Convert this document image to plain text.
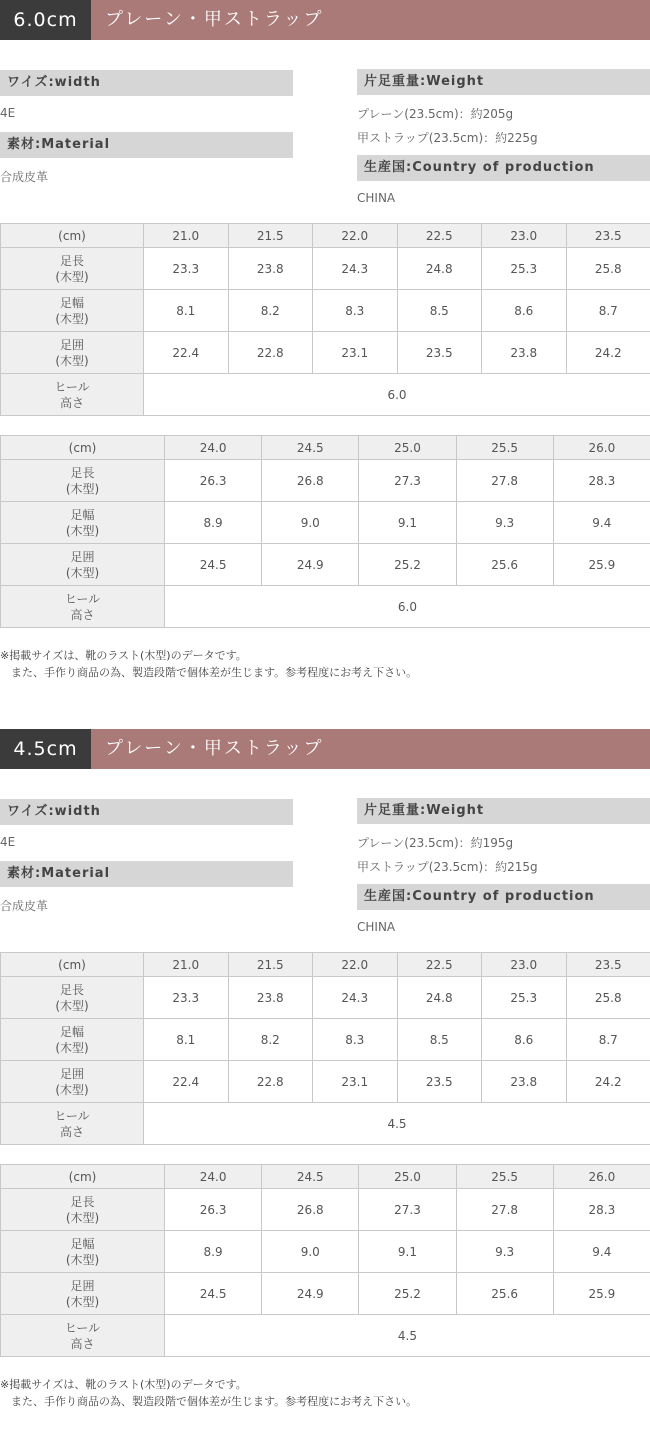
6.0cm	プレーン・甲ストラップ
ワイズ:width
4E
素材:Material
合成皮革
片足重量:Weight
プレーン(23.5cm)：約205g
甲ストラップ(23.5cm)：約225g
生産国:Country of production
CHINA
(cm)	21.0	21.5	22.0	22.5	23.0	23.5

足長
(木型)	23.3	23.8	24.3	24.8	25.3	25.8

足幅
(木型)	8.1	8.2	8.3	8.5	8.6	8.7

足囲
(木型)	22.4	22.8	23.1	23.5	23.8	24.2

ヒール
高さ	6.0					
(cm)	24.0	24.5	25.0	25.5	26.0

足長
(木型)	26.3	26.8	27.3	27.8	28.3

足幅
(木型)	8.9	9.0	9.1	9.3	9.4

足囲
(木型)	24.5	24.9	25.2	25.6	25.9

ヒール
高さ	6.0				
※掲載サイズは、靴のラスト(木型)のデータです。
　また、手作り商品の為、製造段階で個体差が生じます。参考程度にお考え下さい。
4.5cm	プレーン・甲ストラップ
ワイズ:width
4E
素材:Material
合成皮革
片足重量:Weight
プレーン(23.5cm)：約195g
甲ストラップ(23.5cm)：約215g
生産国:Country of production
CHINA
(cm)	21.0	21.5	22.0	22.5	23.0	23.5

足長
(木型)	23.3	23.8	24.3	24.8	25.3	25.8

足幅
(木型)	8.1	8.2	8.3	8.5	8.6	8.7

足囲
(木型)	22.4	22.8	23.1	23.5	23.8	24.2

ヒール
高さ	4.5					
(cm)	24.0	24.5	25.0	25.5	26.0

足長
(木型)	26.3	26.8	27.3	27.8	28.3

足幅
(木型)	8.9	9.0	9.1	9.3	9.4

足囲
(木型)	24.5	24.9	25.2	25.6	25.9

ヒール
高さ	4.5				
※掲載サイズは、靴のラスト(木型)のデータです。
　また、手作り商品の為、製造段階で個体差が生じます。参考程度にお考え下さい。
